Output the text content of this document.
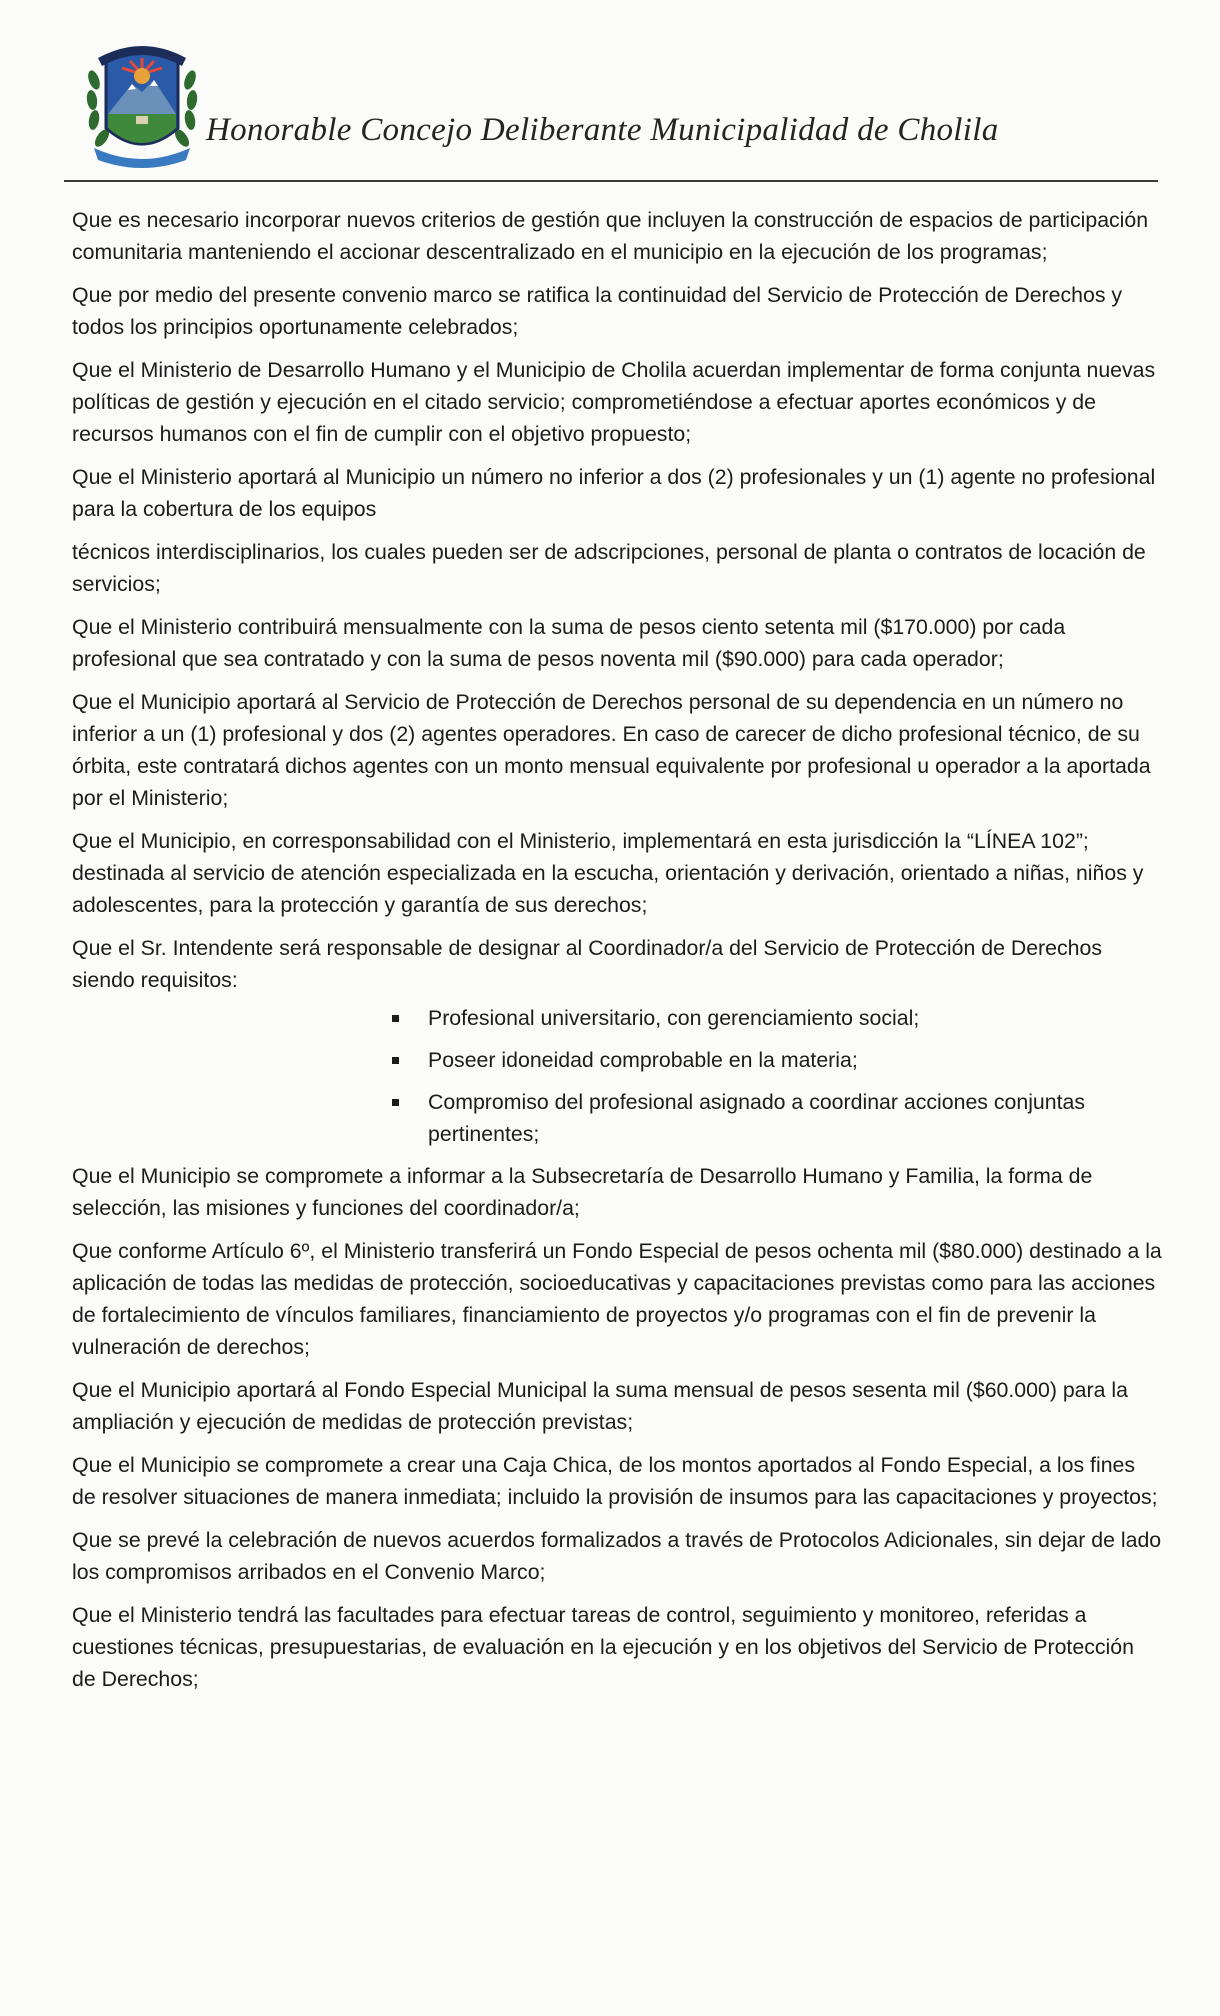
Honorable Concejo Deliberante Municipalidad de Cholila

Que es necesario incorporar nuevos criterios de gestión que incluyen la construcción de espacios de participación comunitaria manteniendo el accionar descentralizado en el municipio en la ejecución de los programas;

Que por medio del presente convenio marco se ratifica la continuidad del Servicio de Protección de Derechos y todos los principios oportunamente celebrados;

Que el Ministerio de Desarrollo Humano y el Municipio de Cholila acuerdan implementar de forma conjunta nuevas políticas de gestión y ejecución en el citado servicio; comprometiéndose a efectuar aportes económicos y de recursos humanos con el fin de cumplir con el objetivo propuesto;

Que el Ministerio aportará al Municipio un número no inferior a dos (2) profesionales y un (1) agente no profesional para la cobertura de los equipos

técnicos interdisciplinarios, los cuales pueden ser de adscripciones, personal de planta o contratos de locación de servicios;

Que el Ministerio contribuirá mensualmente con la suma de pesos ciento setenta mil ($170.000) por cada profesional que sea contratado y con la suma de pesos noventa mil ($90.000) para cada operador;

Que el Municipio aportará al Servicio de Protección de Derechos personal de su dependencia en un número no inferior a un (1) profesional y dos (2) agentes operadores. En caso de carecer de dicho profesional técnico, de su órbita, este contratará dichos agentes con un monto mensual equivalente por profesional u operador a la aportada por el Ministerio;

Que el Municipio, en corresponsabilidad con el Ministerio, implementará en esta jurisdicción la “LÍNEA 102”; destinada al servicio de atención especializada en la escucha, orientación y derivación, orientado a niñas, niños y adolescentes, para la protección y garantía de sus derechos;

Que el Sr. Intendente será responsable de designar al Coordinador/a del Servicio de Protección de Derechos siendo requisitos:

Profesional universitario, con gerenciamiento social;
Poseer idoneidad comprobable en la materia;
Compromiso del profesional asignado a coordinar acciones conjuntas pertinentes;

Que el Municipio se compromete a informar a la Subsecretaría de Desarrollo Humano y Familia, la forma de selección, las misiones y funciones del coordinador/a;

Que conforme Artículo 6º, el Ministerio transferirá un Fondo Especial de pesos ochenta mil ($80.000) destinado a la aplicación de todas las medidas de protección, socioeducativas y capacitaciones previstas como para las acciones de fortalecimiento de vínculos familiares, financiamiento de proyectos y/o programas con el fin de prevenir la vulneración de derechos;

Que el Municipio aportará al Fondo Especial Municipal la suma mensual de pesos sesenta mil ($60.000) para la ampliación y ejecución de medidas de protección previstas;

Que el Municipio se compromete a crear una Caja Chica, de los montos aportados al Fondo Especial, a los fines de resolver situaciones de manera inmediata; incluido la provisión de insumos para las capacitaciones y proyectos;

Que se prevé la celebración de nuevos acuerdos formalizados a través de Protocolos Adicionales, sin dejar de lado los compromisos arribados en el Convenio Marco;

Que el Ministerio tendrá las facultades para efectuar tareas de control, seguimiento y monitoreo, referidas a cuestiones técnicas, presupuestarias, de evaluación en la ejecución y en los objetivos del Servicio de Protección de Derechos;
